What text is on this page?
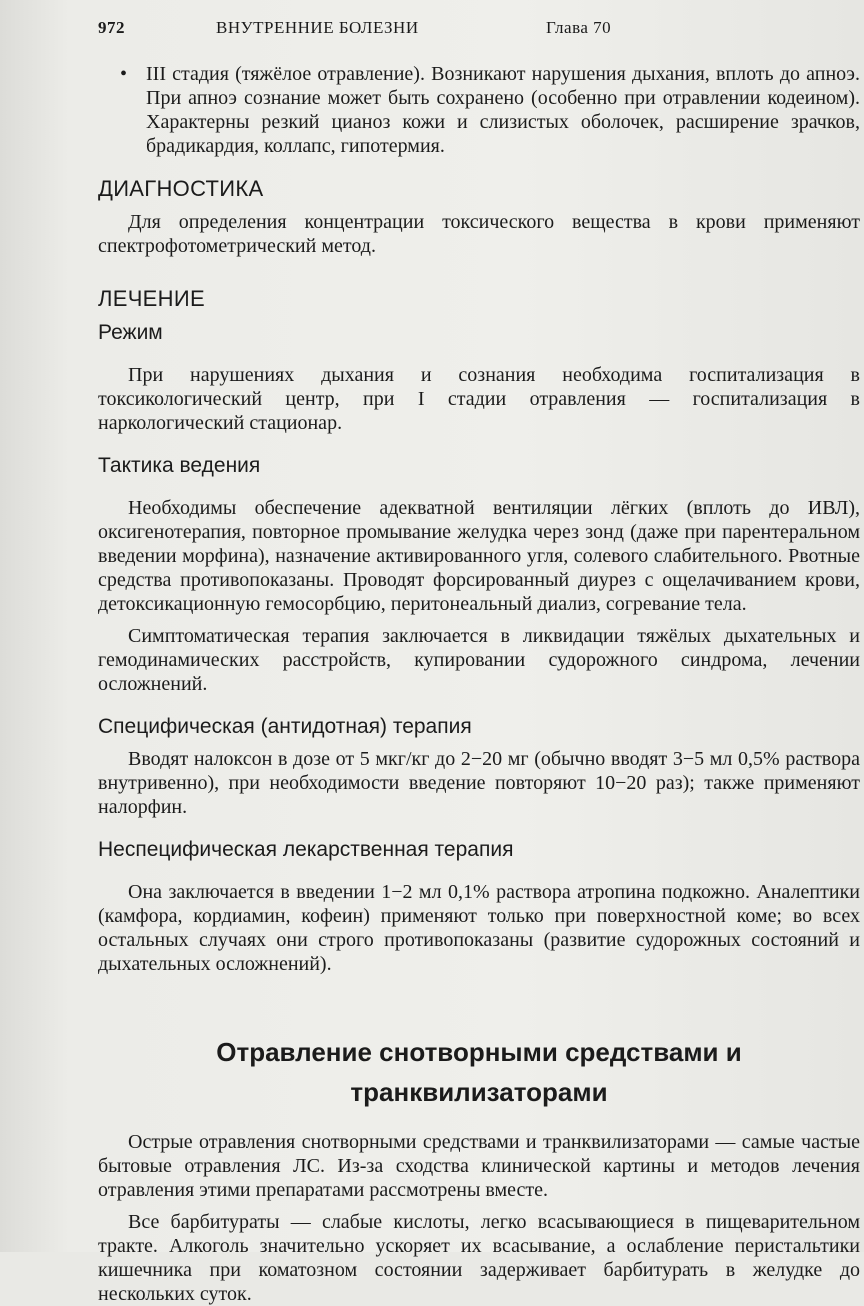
972	ВНУТРЕННИЕ БОЛЕЗНИ	Глава 70
• III стадия (тяжёлое отравление). Возникают нарушения дыхания, вплоть до апноэ. При апноэ сознание может быть сохранено (особенно при отравлении кодеином). Характерны резкий цианоз кожи и слизистых оболочек, расширение зрачков, брадикардия, коллапс, гипотермия.
ДИАГНОСТИКА

Для определения концентрации токсического вещества в крови применяют спектрофотометрический метод.

ЛЕЧЕНИЕ
Режим

При нарушениях дыхания и сознания необходима госпитализация в токсикологический центр, при I стадии отравления — госпитализация в наркологический стационар.

Тактика ведения

Необходимы обеспечение адекватной вентиляции лёгких (вплоть до ИВЛ), оксигенотерапия, повторное промывание желудка через зонд (даже при парентеральном введении морфина), назначение активированного угля, солевого слабительного. Рвотные средства противопоказаны. Проводят форсированный диурез с ощелачиванием крови, детоксикационную гемосорбцию, перитонеальный диализ, согревание тела.

Симптоматическая терапия заключается в ликвидации тяжёлых дыхательных и гемодинамических расстройств, купировании судорожного синдрома, лечении осложнений.

Специфическая (антидотная) терапия

Вводят налоксон в дозе от 5 мкг/кг до 2−20 мг (обычно вводят 3−5 мл 0,5% раствора внутривенно), при необходимости введение повторяют 10−20 раз); также применяют налорфин.

Неспецифическая лекарственная терапия

Она заключается в введении 1−2 мл 0,1% раствора атропина подкожно. Аналептики (камфора, кордиамин, кофеин) применяют только при поверхностной коме; во всех остальных случаях они строго противопоказаны (развитие судорожных состояний и дыхательных осложнений).

Отравление снотворными средствами и
транквилизаторами

Острые отравления снотворными средствами и транквилизаторами — самые частые бытовые отравления ЛС. Из-за сходства клинической картины и методов лечения отравления этими препаратами рассмотрены вместе.

Все барбитураты — слабые кислоты, легко всасывающиеся в пищеварительном тракте. Алкоголь значительно ускоряет их всасывание, а ослабление перистальтики кишечника при коматозном состоянии задерживает барбитурать в желудке до нескольких суток.
